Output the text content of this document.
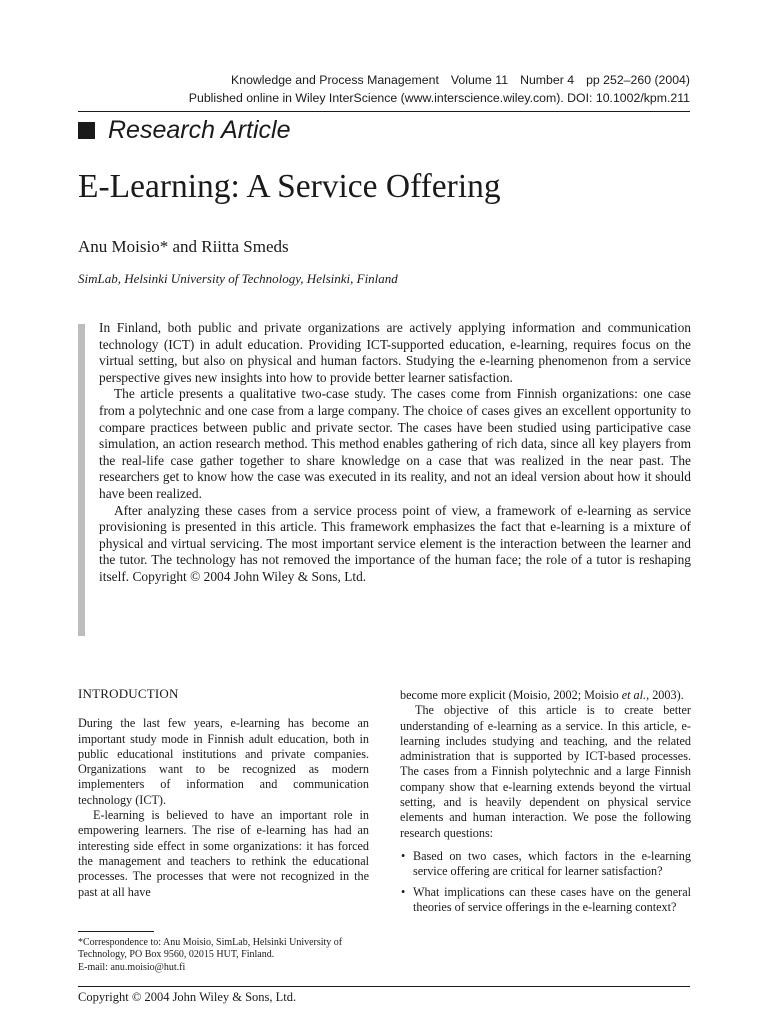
Knowledge and Process Management Volume 11 Number 4 pp 252–260 (2004)
Published online in Wiley InterScience (www.interscience.wiley.com). DOI: 10.1002/kpm.211
Research Article
E-Learning: A Service Offering
Anu Moisio* and Riitta Smeds
SimLab, Helsinki University of Technology, Helsinki, Finland

In Finland, both public and private organizations are actively applying information and communication technology (ICT) in adult education. Providing ICT-supported education, e-learning, requires focus on the virtual setting, but also on physical and human factors. Studying the e-learning phenomenon from a service perspective gives new insights into how to provide better learner satisfaction.

The article presents a qualitative two-case study. The cases come from Finnish organizations: one case from a polytechnic and one case from a large company. The choice of cases gives an excellent opportunity to compare practices between public and private sector. The cases have been studied using participative case simulation, an action research method. This method enables gathering of rich data, since all key players from the real-life case gather together to share knowledge on a case that was realized in the near past. The researchers get to know how the case was executed in its reality, and not an ideal version about how it should have been realized.

After analyzing these cases from a service process point of view, a framework of e-learning as service provisioning is presented in this article. This framework emphasizes the fact that e-learning is a mixture of physical and virtual servicing. The most important service element is the interaction between the learner and the tutor. The technology has not removed the importance of the human face; the role of a tutor is reshaping itself. Copyright © 2004 John Wiley & Sons, Ltd.

INTRODUCTION

During the last few years, e-learning has become an important study mode in Finnish adult education, both in public educational institutions and private companies. Organizations want to be recognized as modern implementers of information and communication technology (ICT).

E-learning is believed to have an important role in empowering learners. The rise of e-learning has had an interesting side effect in some organizations: it has forced the management and teachers to rethink the educational processes. The processes that were not recognized in the past at all have

become more explicit (Moisio, 2002; Moisio et al., 2003).

The objective of this article is to create better understanding of e-learning as a service. In this article, e-learning includes studying and teaching, and the related administration that is supported by ICT-based processes. The cases from a Finnish polytechnic and a large Finnish company show that e-learning extends beyond the virtual setting, and is heavily dependent on physical service elements and human interaction. We pose the following research questions:

• Based on two cases, which factors in the e-learning service offering are critical for learner satisfaction?
• What implications can these cases have on the general theories of service offerings in the e-learning context?
*Correspondence to: Anu Moisio, SimLab, Helsinki University of Technology, PO Box 9560, 02015 HUT, Finland.
E-mail: anu.moisio@hut.fi
Copyright © 2004 John Wiley & Sons, Ltd.
